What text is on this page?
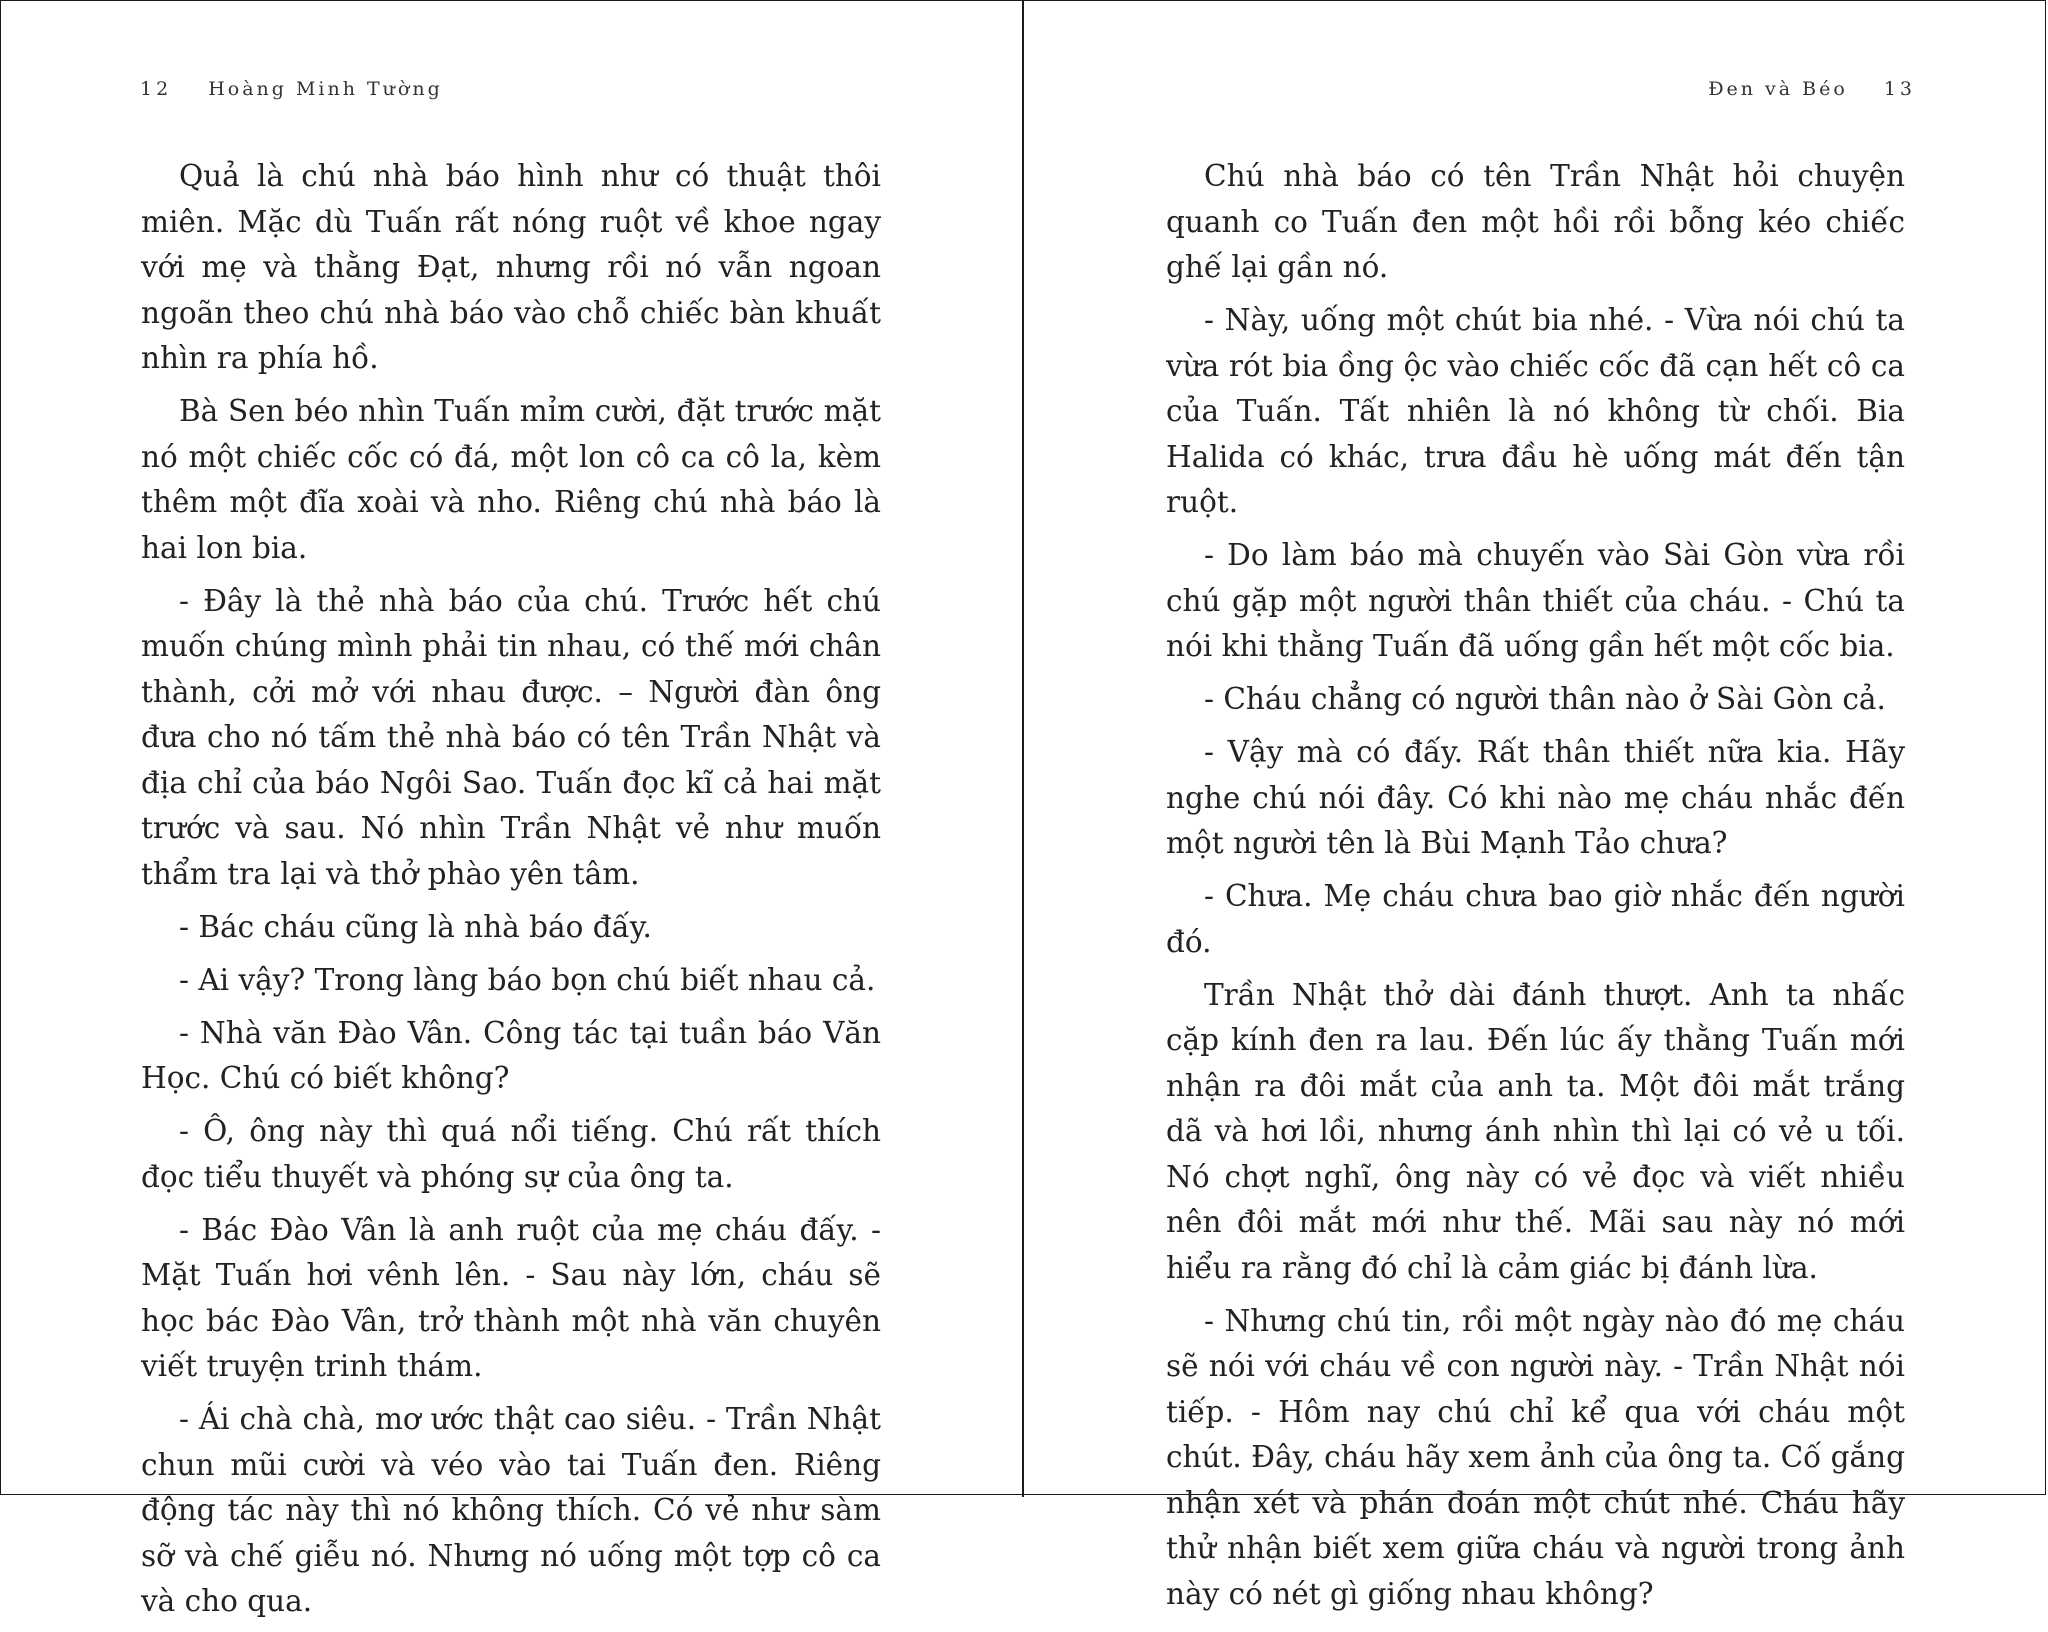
12 Hoàng Minh Tường

Quả là chú nhà báo hình như có thuật thôi miên. Mặc dù Tuấn rất nóng ruột về khoe ngay với mẹ và thằng Đạt, nhưng rồi nó vẫn ngoan ngoãn theo chú nhà báo vào chỗ chiếc bàn khuất nhìn ra phía hồ.

Bà Sen béo nhìn Tuấn mỉm cười, đặt trước mặt nó một chiếc cốc có đá, một lon cô ca cô la, kèm thêm một đĩa xoài và nho. Riêng chú nhà báo là hai lon bia.

- Đây là thẻ nhà báo của chú. Trước hết chú muốn chúng mình phải tin nhau, có thế mới chân thành, cởi mở với nhau được. – Người đàn ông đưa cho nó tấm thẻ nhà báo có tên Trần Nhật và địa chỉ của báo Ngôi Sao. Tuấn đọc kĩ cả hai mặt trước và sau. Nó nhìn Trần Nhật vẻ như muốn thẩm tra lại và thở phào yên tâm.

- Bác cháu cũng là nhà báo đấy.

- Ai vậy? Trong làng báo bọn chú biết nhau cả.

- Nhà văn Đào Vân. Công tác tại tuần báo Văn Học. Chú có biết không?

- Ô, ông này thì quá nổi tiếng. Chú rất thích đọc tiểu thuyết và phóng sự của ông ta.

- Bác Đào Vân là anh ruột của mẹ cháu đấy. - Mặt Tuấn hơi vênh lên. - Sau này lớn, cháu sẽ học bác Đào Vân, trở thành một nhà văn chuyên viết truyện trinh thám.

- Ái chà chà, mơ ước thật cao siêu. - Trần Nhật chun mũi cười và véo vào tai Tuấn đen. Riêng động tác này thì nó không thích. Có vẻ như sàm sỡ và chế giễu nó. Nhưng nó uống một tợp cô ca và cho qua.

Đen và Béo 13

Chú nhà báo có tên Trần Nhật hỏi chuyện quanh co Tuấn đen một hồi rồi bỗng kéo chiếc ghế lại gần nó.

- Này, uống một chút bia nhé. - Vừa nói chú ta vừa rót bia ồng ộc vào chiếc cốc đã cạn hết cô ca của Tuấn. Tất nhiên là nó không từ chối. Bia Halida có khác, trưa đầu hè uống mát đến tận ruột.

- Do làm báo mà chuyến vào Sài Gòn vừa rồi chú gặp một người thân thiết của cháu. - Chú ta nói khi thằng Tuấn đã uống gần hết một cốc bia.

- Cháu chẳng có người thân nào ở Sài Gòn cả.

- Vậy mà có đấy. Rất thân thiết nữa kia. Hãy nghe chú nói đây. Có khi nào mẹ cháu nhắc đến một người tên là Bùi Mạnh Tảo chưa?

- Chưa. Mẹ cháu chưa bao giờ nhắc đến người đó.

Trần Nhật thở dài đánh thượt. Anh ta nhấc cặp kính đen ra lau. Đến lúc ấy thằng Tuấn mới nhận ra đôi mắt của anh ta. Một đôi mắt trắng dã và hơi lồi, nhưng ánh nhìn thì lại có vẻ u tối. Nó chợt nghĩ, ông này có vẻ đọc và viết nhiều nên đôi mắt mới như thế. Mãi sau này nó mới hiểu ra rằng đó chỉ là cảm giác bị đánh lừa.

- Nhưng chú tin, rồi một ngày nào đó mẹ cháu sẽ nói với cháu về con người này. - Trần Nhật nói tiếp. - Hôm nay chú chỉ kể qua với cháu một chút. Đây, cháu hãy xem ảnh của ông ta. Cố gắng nhận xét và phán đoán một chút nhé. Cháu hãy thử nhận biết xem giữa cháu và người trong ảnh này có nét gì giống nhau không?
